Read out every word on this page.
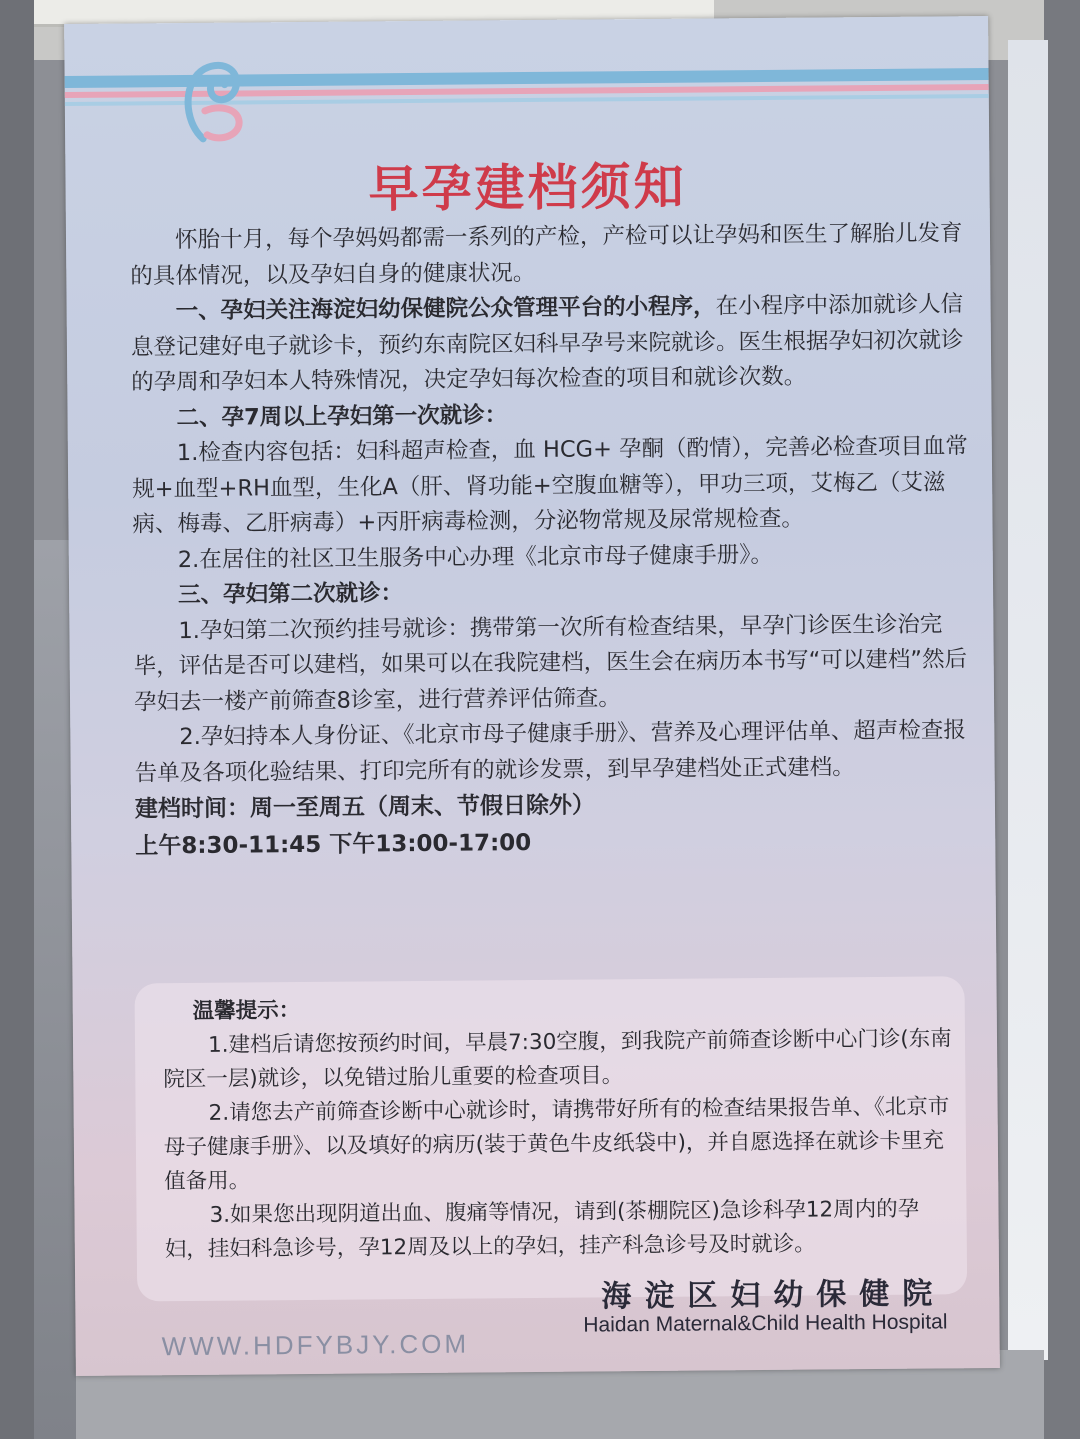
早孕建档须知

怀胎十月，每个孕妈妈都需一系列的产检，产检可以让孕妈和医生了解胎儿发育的具体情况，以及孕妇自身的健康状况。

一、孕妇关注海淀妇幼保健院公众管理平台的小程序，在小程序中添加就诊人信息登记建好电子就诊卡，预约东南院区妇科早孕号来院就诊。医生根据孕妇初次就诊的孕周和孕妇本人特殊情况，决定孕妇每次检查的项目和就诊次数。

二、孕7周以上孕妇第一次就诊：

1.检查内容包括：妇科超声检查，血 HCG+ 孕酮（酌情），完善必检查项目血常规+血型+RH血型，生化A（肝、肾功能+空腹血糖等），甲功三项，艾梅乙（艾滋病、梅毒、乙肝病毒）+丙肝病毒检测，分泌物常规及尿常规检查。

2.在居住的社区卫生服务中心办理《北京市母子健康手册》。

三、孕妇第二次就诊：

1.孕妇第二次预约挂号就诊：携带第一次所有检查结果，早孕门诊医生诊治完毕，评估是否可以建档，如果可以在我院建档，医生会在病历本书写“可以建档”然后孕妇去一楼产前筛查8诊室，进行营养评估筛查。

2.孕妇持本人身份证、《北京市母子健康手册》、营养及心理评估单、超声检查报告单及各项化验结果、打印完所有的就诊发票，到早孕建档处正式建档。

建档时间：周一至周五（周末、节假日除外）

上午8:30-11:45 下午13:00-17:00

温馨提示：

1.建档后请您按预约时间，早晨7:30空腹，到我院产前筛查诊断中心门诊(东南院区一层)就诊，以免错过胎儿重要的检查项目。

2.请您去产前筛查诊断中心就诊时，请携带好所有的检查结果报告单、《北京市母子健康手册》、以及填好的病历(装于黄色牛皮纸袋中)，并自愿选择在就诊卡里充值备用。

3.如果您出现阴道出血、腹痛等情况，请到(茶棚院区)急诊科孕12周内的孕妇，挂妇科急诊号，孕12周及以上的孕妇，挂产科急诊号及时就诊。

海淀区妇幼保健院
Haidan Maternal&Child Health Hospital
WWW.HDFYBJY.COM
